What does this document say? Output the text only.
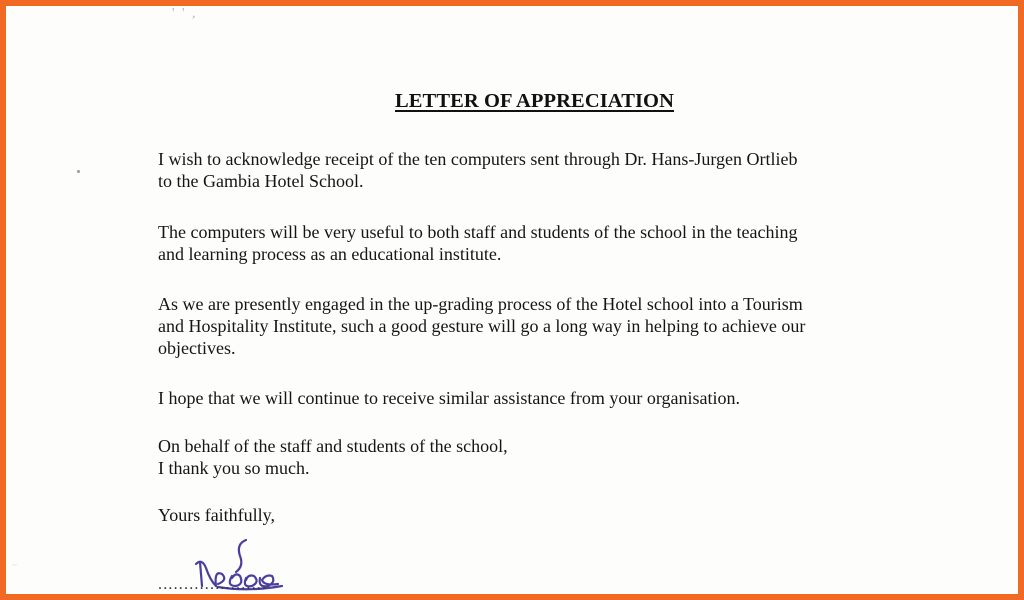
' ' ,
~
LETTER OF APPRECIATION

I wish to acknowledge receipt of the ten computers sent through Dr. Hans-Jurgen Ortlieb
to the Gambia Hotel School.

The computers will be very useful to both staff and students of the school in the teaching
and learning process as an educational institute.

As we are presently engaged in the up-grading process of the Hotel school into a Tourism
and Hospitality Institute, such a good gesture will go a long way in helping to achieve our
objectives.

I hope that we will continue to receive similar assistance from your organisation.

On behalf of the staff and students of the school,
I thank you so much.

Yours faithfully,

.....................
